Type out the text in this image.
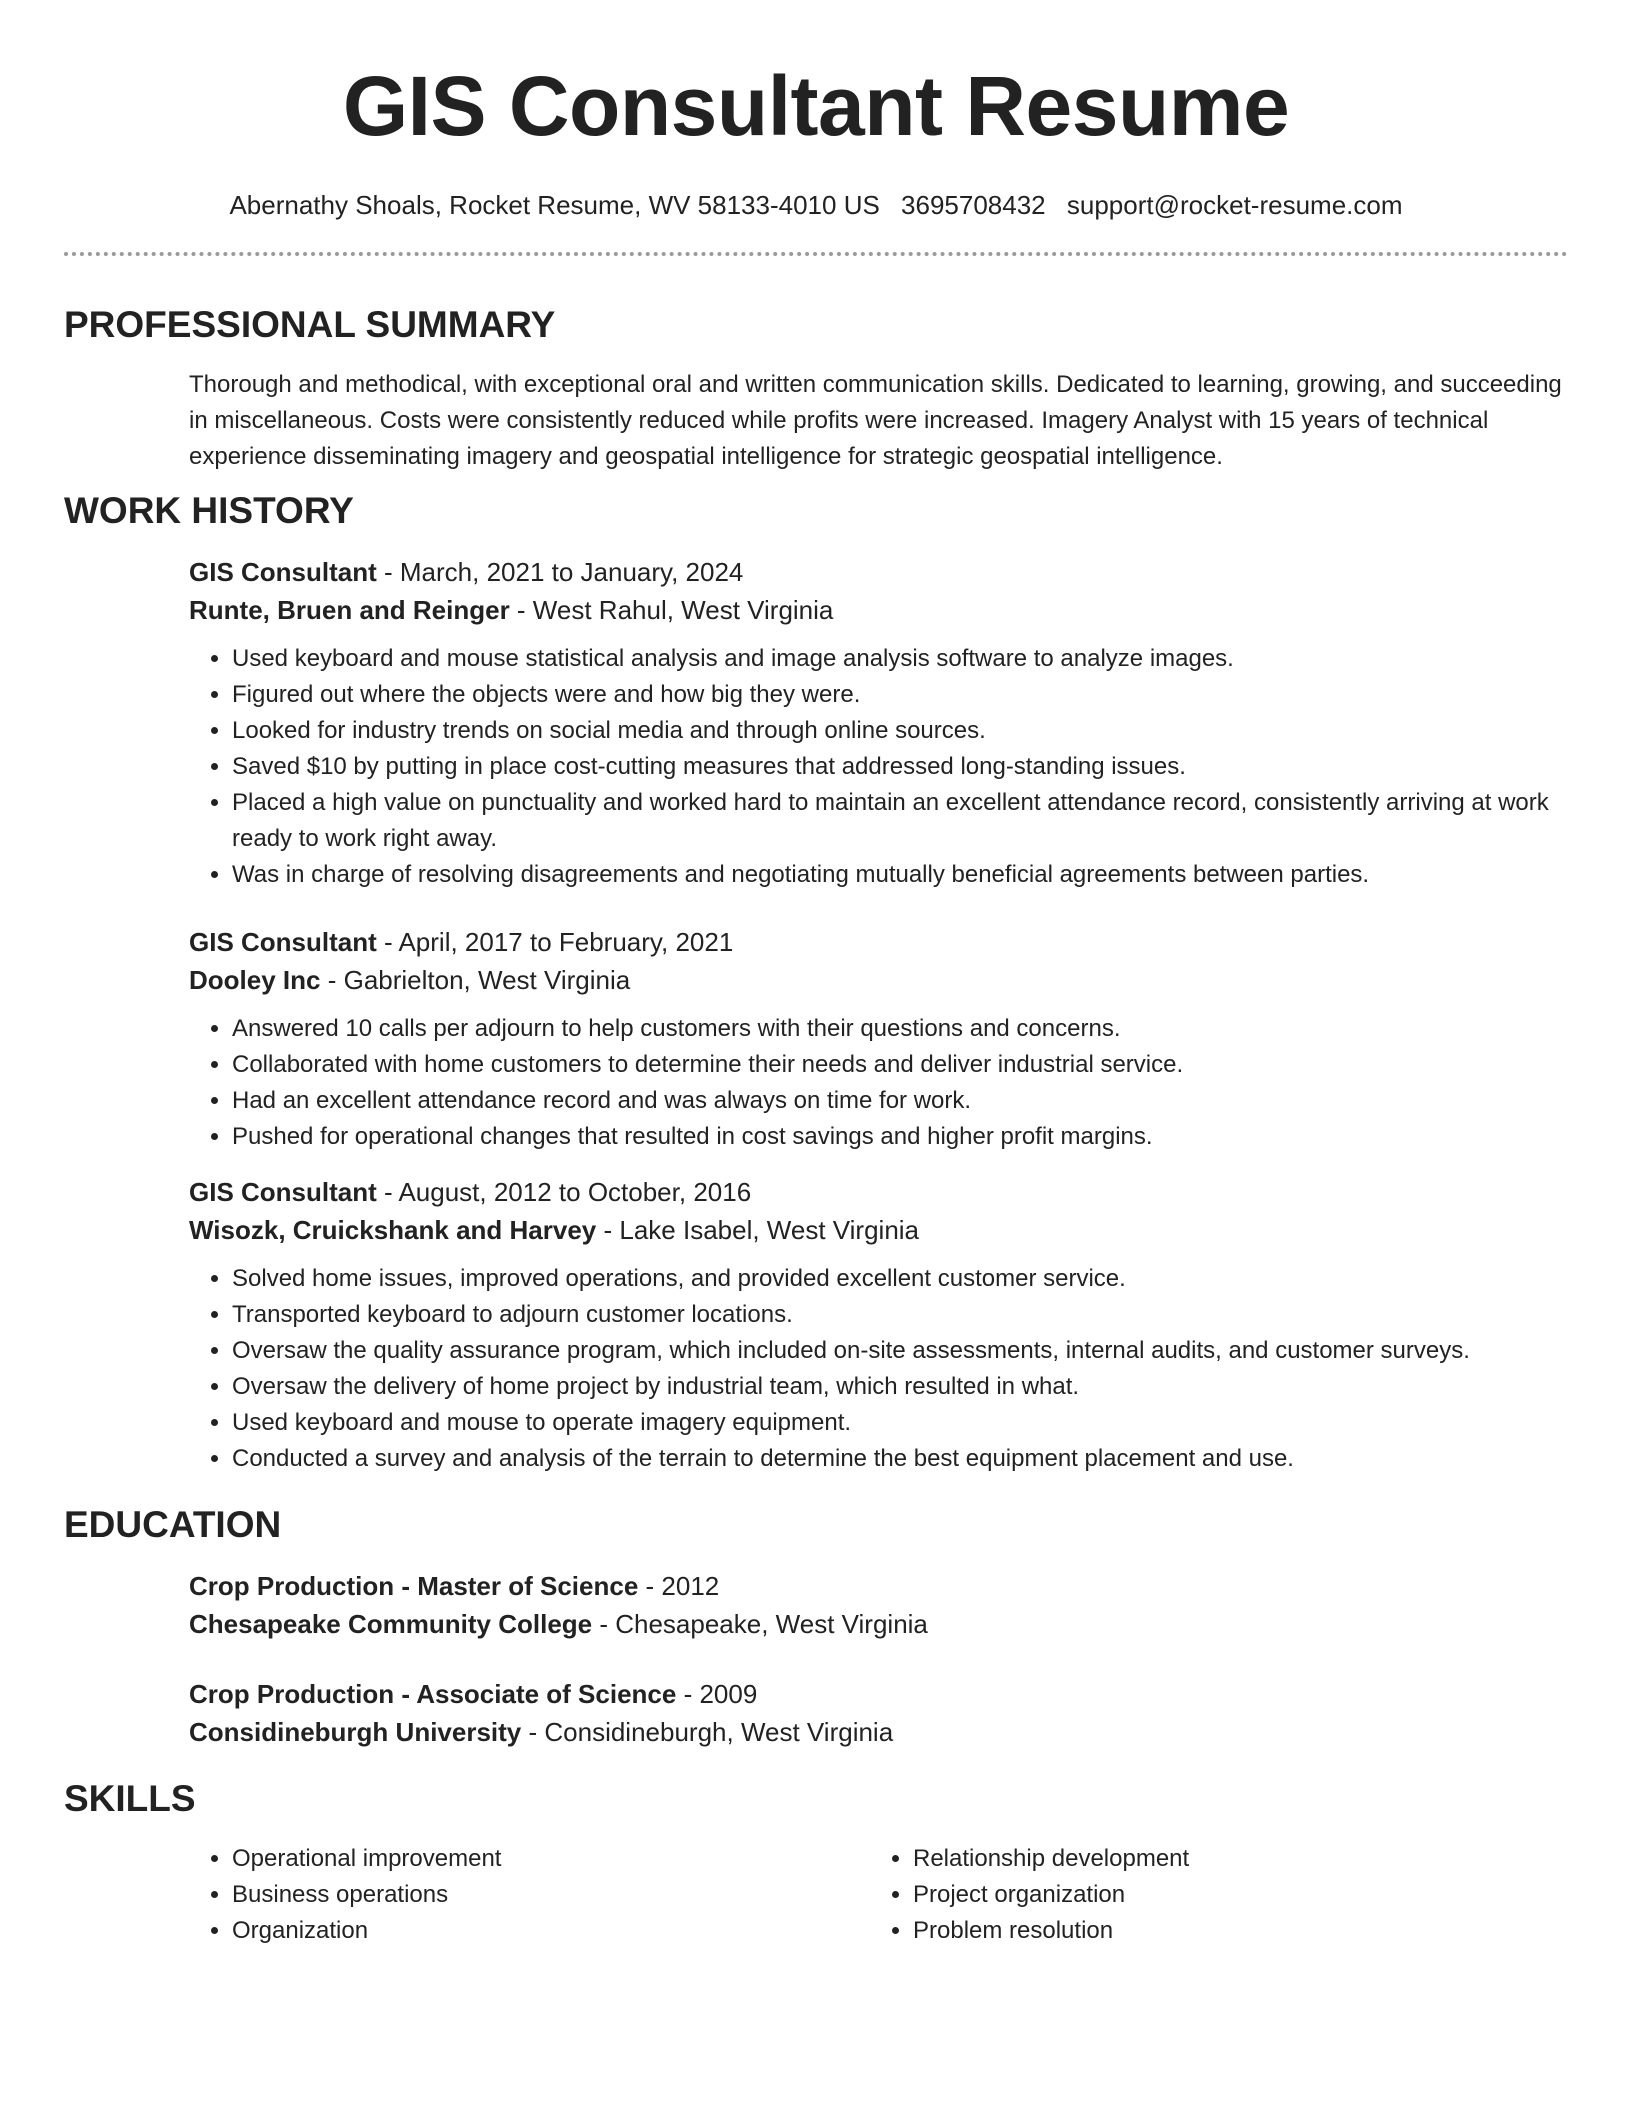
GIS Consultant Resume
Abernathy Shoals, Rocket Resume, WV 58133-4010 US 3695708432 support@rocket-resume.com
PROFESSIONAL SUMMARY

Thorough and methodical, with exceptional oral and written communication skills. Dedicated to learning, growing, and succeeding in miscellaneous. Costs were consistently reduced while profits were increased. Imagery Analyst with 15 years of technical experience disseminating imagery and geospatial intelligence for strategic geospatial intelligence.

WORK HISTORY
GIS Consultant - March, 2021 to January, 2024
Runte, Bruen and Reinger - West Rahul, West Virginia
• Used keyboard and mouse statistical analysis and image analysis software to analyze images.
• Figured out where the objects were and how big they were.
• Looked for industry trends on social media and through online sources.
• Saved $10 by putting in place cost-cutting measures that addressed long-standing issues.
• Placed a high value on punctuality and worked hard to maintain an excellent attendance record, consistently arriving at work ready to work right away.
• Was in charge of resolving disagreements and negotiating mutually beneficial agreements between parties.
GIS Consultant - April, 2017 to February, 2021
Dooley Inc - Gabrielton, West Virginia
• Answered 10 calls per adjourn to help customers with their questions and concerns.
• Collaborated with home customers to determine their needs and deliver industrial service.
• Had an excellent attendance record and was always on time for work.
• Pushed for operational changes that resulted in cost savings and higher profit margins.
GIS Consultant - August, 2012 to October, 2016
Wisozk, Cruickshank and Harvey - Lake Isabel, West Virginia
• Solved home issues, improved operations, and provided excellent customer service.
• Transported keyboard to adjourn customer locations.
• Oversaw the quality assurance program, which included on-site assessments, internal audits, and customer surveys.
• Oversaw the delivery of home project by industrial team, which resulted in what.
• Used keyboard and mouse to operate imagery equipment.
• Conducted a survey and analysis of the terrain to determine the best equipment placement and use.
EDUCATION
Crop Production - Master of Science - 2012
Chesapeake Community College - Chesapeake, West Virginia
Crop Production - Associate of Science - 2009
Considineburgh University - Considineburgh, West Virginia
SKILLS
• Operational improvement
• Business operations
• Organization
• Relationship development
• Project organization
• Problem resolution
